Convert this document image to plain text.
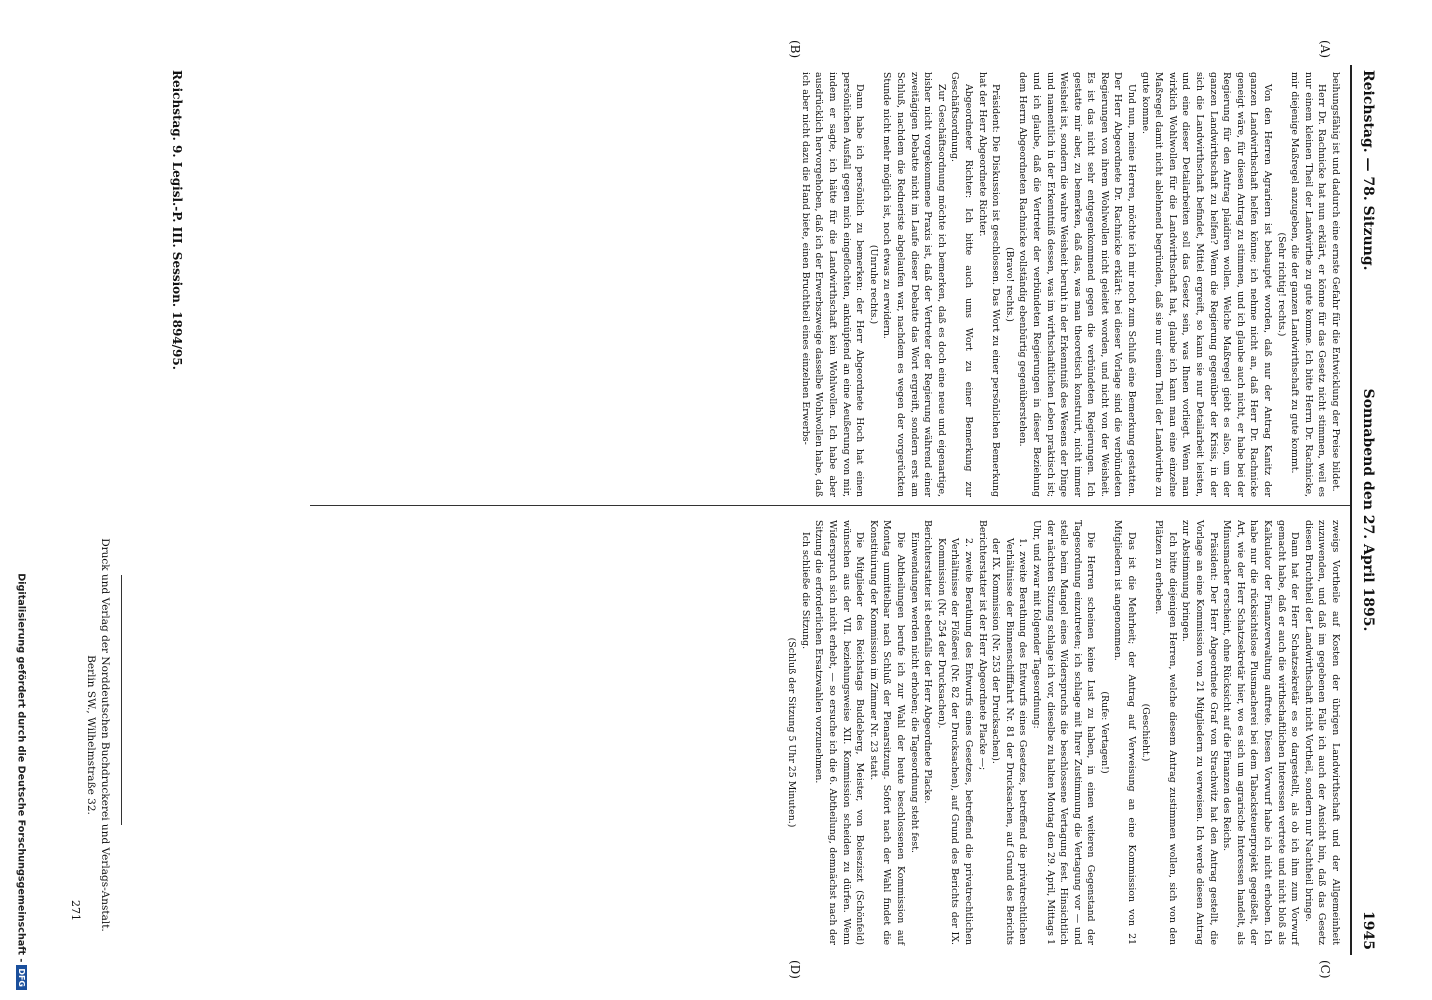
Reichstag. — 78. Sitzung.
Sonnabend den 27. April 1895.
1945
(A)
(B)
(C)
(D)

beihungsfähig ist und dadurch eine ernste Gefahr für die Entwicklung der Preise bildet.

Herr Dr. Rachnicke hat nun erklärt, er könne für das Gesetz nicht stimmen, weil es nur einem kleinen Theil der Landwirthe zu gute komme. Ich bitte Herrn Dr. Rachnicke, mir diejenige Maßregel anzugeben, die der ganzen Landwirthschaft zu gute kommt.

(Sehr richtig! rechts.)

Von den Herren Agrariern ist behauptet worden, daß nur der Antrag Kanitz der ganzen Landwirthschaft helfen könne; ich nehme nicht an, daß Herr Dr. Rachnicke geneigt wäre, für diesen Antrag zu stimmen, und ich glaube auch nicht, er habe bei der Regierung für den Antrag plaidiren wollen. Welche Maßregel giebt es also, um der ganzen Landwirthschaft zu helfen? Wenn die Regierung gegenüber der Krisis, in der sich die Landwirthschaft befindet, Mittel ergreift, so kann sie nur Detailarbeit leisten, und eine dieser Detailarbeiten soll das Gesetz sein, was Ihnen vorliegt. Wenn man wirklich Wohlwollen für die Landwirthschaft hat, glaube ich kann man eine einzelne Maßregel damit nicht ablehnend begründen, daß sie nur einem Theil der Landwirthe zu gute komme.

Und nun, meine Herren, möchte ich mir noch zum Schluß eine Bemerkung gestatten. Der Herr Abgeordnete Dr. Rachnicke erklärt: bei dieser Vorlage sind die verbündeten Regierungen von ihrem Wohlwollen nicht geleitet worden, und nicht von der Weisheit. Es ist das nicht sehr entgegenkommend gegen die verbündeten Regierungen. Ich gestatte mir aber, zu bemerken, daß das, was man theoretisch konstruirt, nicht immer Weisheit ist, sondern die wahre Weisheit beruht in der Erkenntniß des Wesens der Dinge und namentlich in der Erkenntniß dessen, was im wirthschaftlichen Leben praktisch ist; und ich glaube, daß die Vertreter der verbündeten Regierungen in dieser Beziehung dem Herrn Abgeordneten Rachnicke vollständig ebenbürtig gegenüberstehen.

(Bravo! rechts.)

Präsident: Die Diskussion ist geschlossen. Das Wort zu einer persönlichen Bemerkung hat der Herr Abgeordnete Richter.

Abgeordneter Richter: Ich bitte auch ums Wort zu einer Bemerkung zur Geschäftsordnung.

Zur Geschäftsordnung möchte ich bemerken, daß es doch eine neue und eigenartige, bisher nicht vorgekommene Praxis ist, daß der Vertreter der Regierung während einer zweitägigen Debatte nicht im Laufe dieser Debatte das Wort ergreift, sondern erst am Schluß, nachdem die Redneriste abgelaufen war, nachdem es wegen der vorgerückten Stunde nicht mehr möglich ist, noch etwas zu erwidern.

(Unruhe rechts.)

Dann habe ich persönlich zu bemerken: der Herr Abgeordnete Hoch hat einen persönlichen Ausfall gegen mich eingeflochten, anknüpfend an eine Aeußerung von mir, indem er sagte, ich hätte für die Landwirthschaft kein Wohlwollen. Ich habe aber ausdrücklich hervorgehoben, daß ich der Erwerbszweige dasselbe Wohlwollen habe, daß ich aber nicht dazu die Hand biete, einen Bruchtheil eines einzelnen Erwerbs-

zweigs Vortheile auf Kosten der übrigen Landwirthschaft und der Allgemeinheit zuzuwenden, und daß im gegebenen Falle ich auch der Ansicht bin, daß das Gesetz diesen Bruchtheil der Landwirthschaft nicht Vortheil, sondern nur Nachtheil bringe.

Dann hat der Herr Schatzsekretär es so dargestellt, als ob ich ihm zum Vorwurf gemacht habe, daß er auch die wirthschaftlichen Interessen vertrete und nicht bloß als Kalkulator der Finanzverwaltung auftrete. Diesen Vorwurf habe ich nicht erhoben. Ich habe nur die rücksichtslose Plusmacherei bei dem Tabacksteuerprojekt gegeißelt, der Art, wie der Herr Schatzsekretär hier, wo es sich um agrarische Interessen handelt, als Minusmacher erscheint, ohne Rücksicht auf die Finanzen des Reichs.

Präsident: Der Herr Abgeordnete Graf von Strachwitz hat den Antrag gestellt, die Vorlage an eine Kommission von 21 Mitgliedern zu verweisen. Ich werde diesen Antrag zur Abstimmung bringen.

Ich bitte diejenigen Herren, welche diesem Antrag zustimmen wollen, sich von den Plätzen zu erheben.

(Geschieht.)

Das ist die Mehrheit; der Antrag auf Verweisung an eine Kommission von 21 Mitgliedern ist angenommen.

(Rufe: Vertagen!)

Die Herren scheinen keine Lust zu haben, in einen weiteren Gegenstand der Tagesordnung einzutreten; ich schlage mit Ihrer Zustimmung die Vertagung vor — und stelle beim Mangel eines Widerspruchs die beschlossene Vertagung fest. Hinsichtlich der nächsten Sitzung schlage ich vor, dieselbe zu halten Montag den 29. April, Mittags 1 Uhr, und zwar mit folgender Tagesordnung:

1. zweite Berathung des Entwurfs eines Gesetzes, betreffend die privatrechtlichen Verhältnisse der Binnenschifffahrt Nr. 81 der Drucksachen, auf Grund des Berichts der IX. Kommission (Nr. 253 der Drucksachen).

Berichterstatter ist der Herr Abgeordnete Placke —;

2. zweite Berathung des Entwurfs eines Gesetzes, betreffend die privatrechtlichen Verhältnisse der Flößerei (Nr. 82 der Drucksachen), auf Grund des Berichts der IX. Kommission (Nr. 254 der Drucksachen).

Berichterstatter ist ebenfalls der Herr Abgeordnete Placke.

Einwendungen werden nicht erhoben; die Tagesordnung steht fest.

Die Abtheilungen berufe ich zur Wahl der heute beschlossenen Kommission auf Montag unmittelbar nach Schluß der Plenarsitzung. Sofort nach der Wahl findet die Konstituirung der Kommission im Zimmer Nr. 23 statt.

Die Mitglieder des Reichstags Buddeberg, Meister, von Bolesziszt (Schönfeld) wünschen aus der VII. beziehungsweise XII. Kommission scheiden zu dürfen. Wenn Widerspruch sich nicht erhebt, — so ersuche ich die 6. Abtheilung, demnächst nach der Sitzung die erforderlichen Ersatzwahlen vorzunehmen.

Ich schließe die Sitzung.

(Schluß der Sitzung 5 Uhr 25 Minuten.)

Druck und Verlag der Norddeutschen Buchdruckerei und Verlags-Anstalt.
Berlin SW., Wilhelmstraße 32.
271
Reichstag. 9. Legisl.-P. III. Session. 1894/95.
Digitalisierung gefördert durch die Deutsche Forschungsgemeinschaft -DFG
